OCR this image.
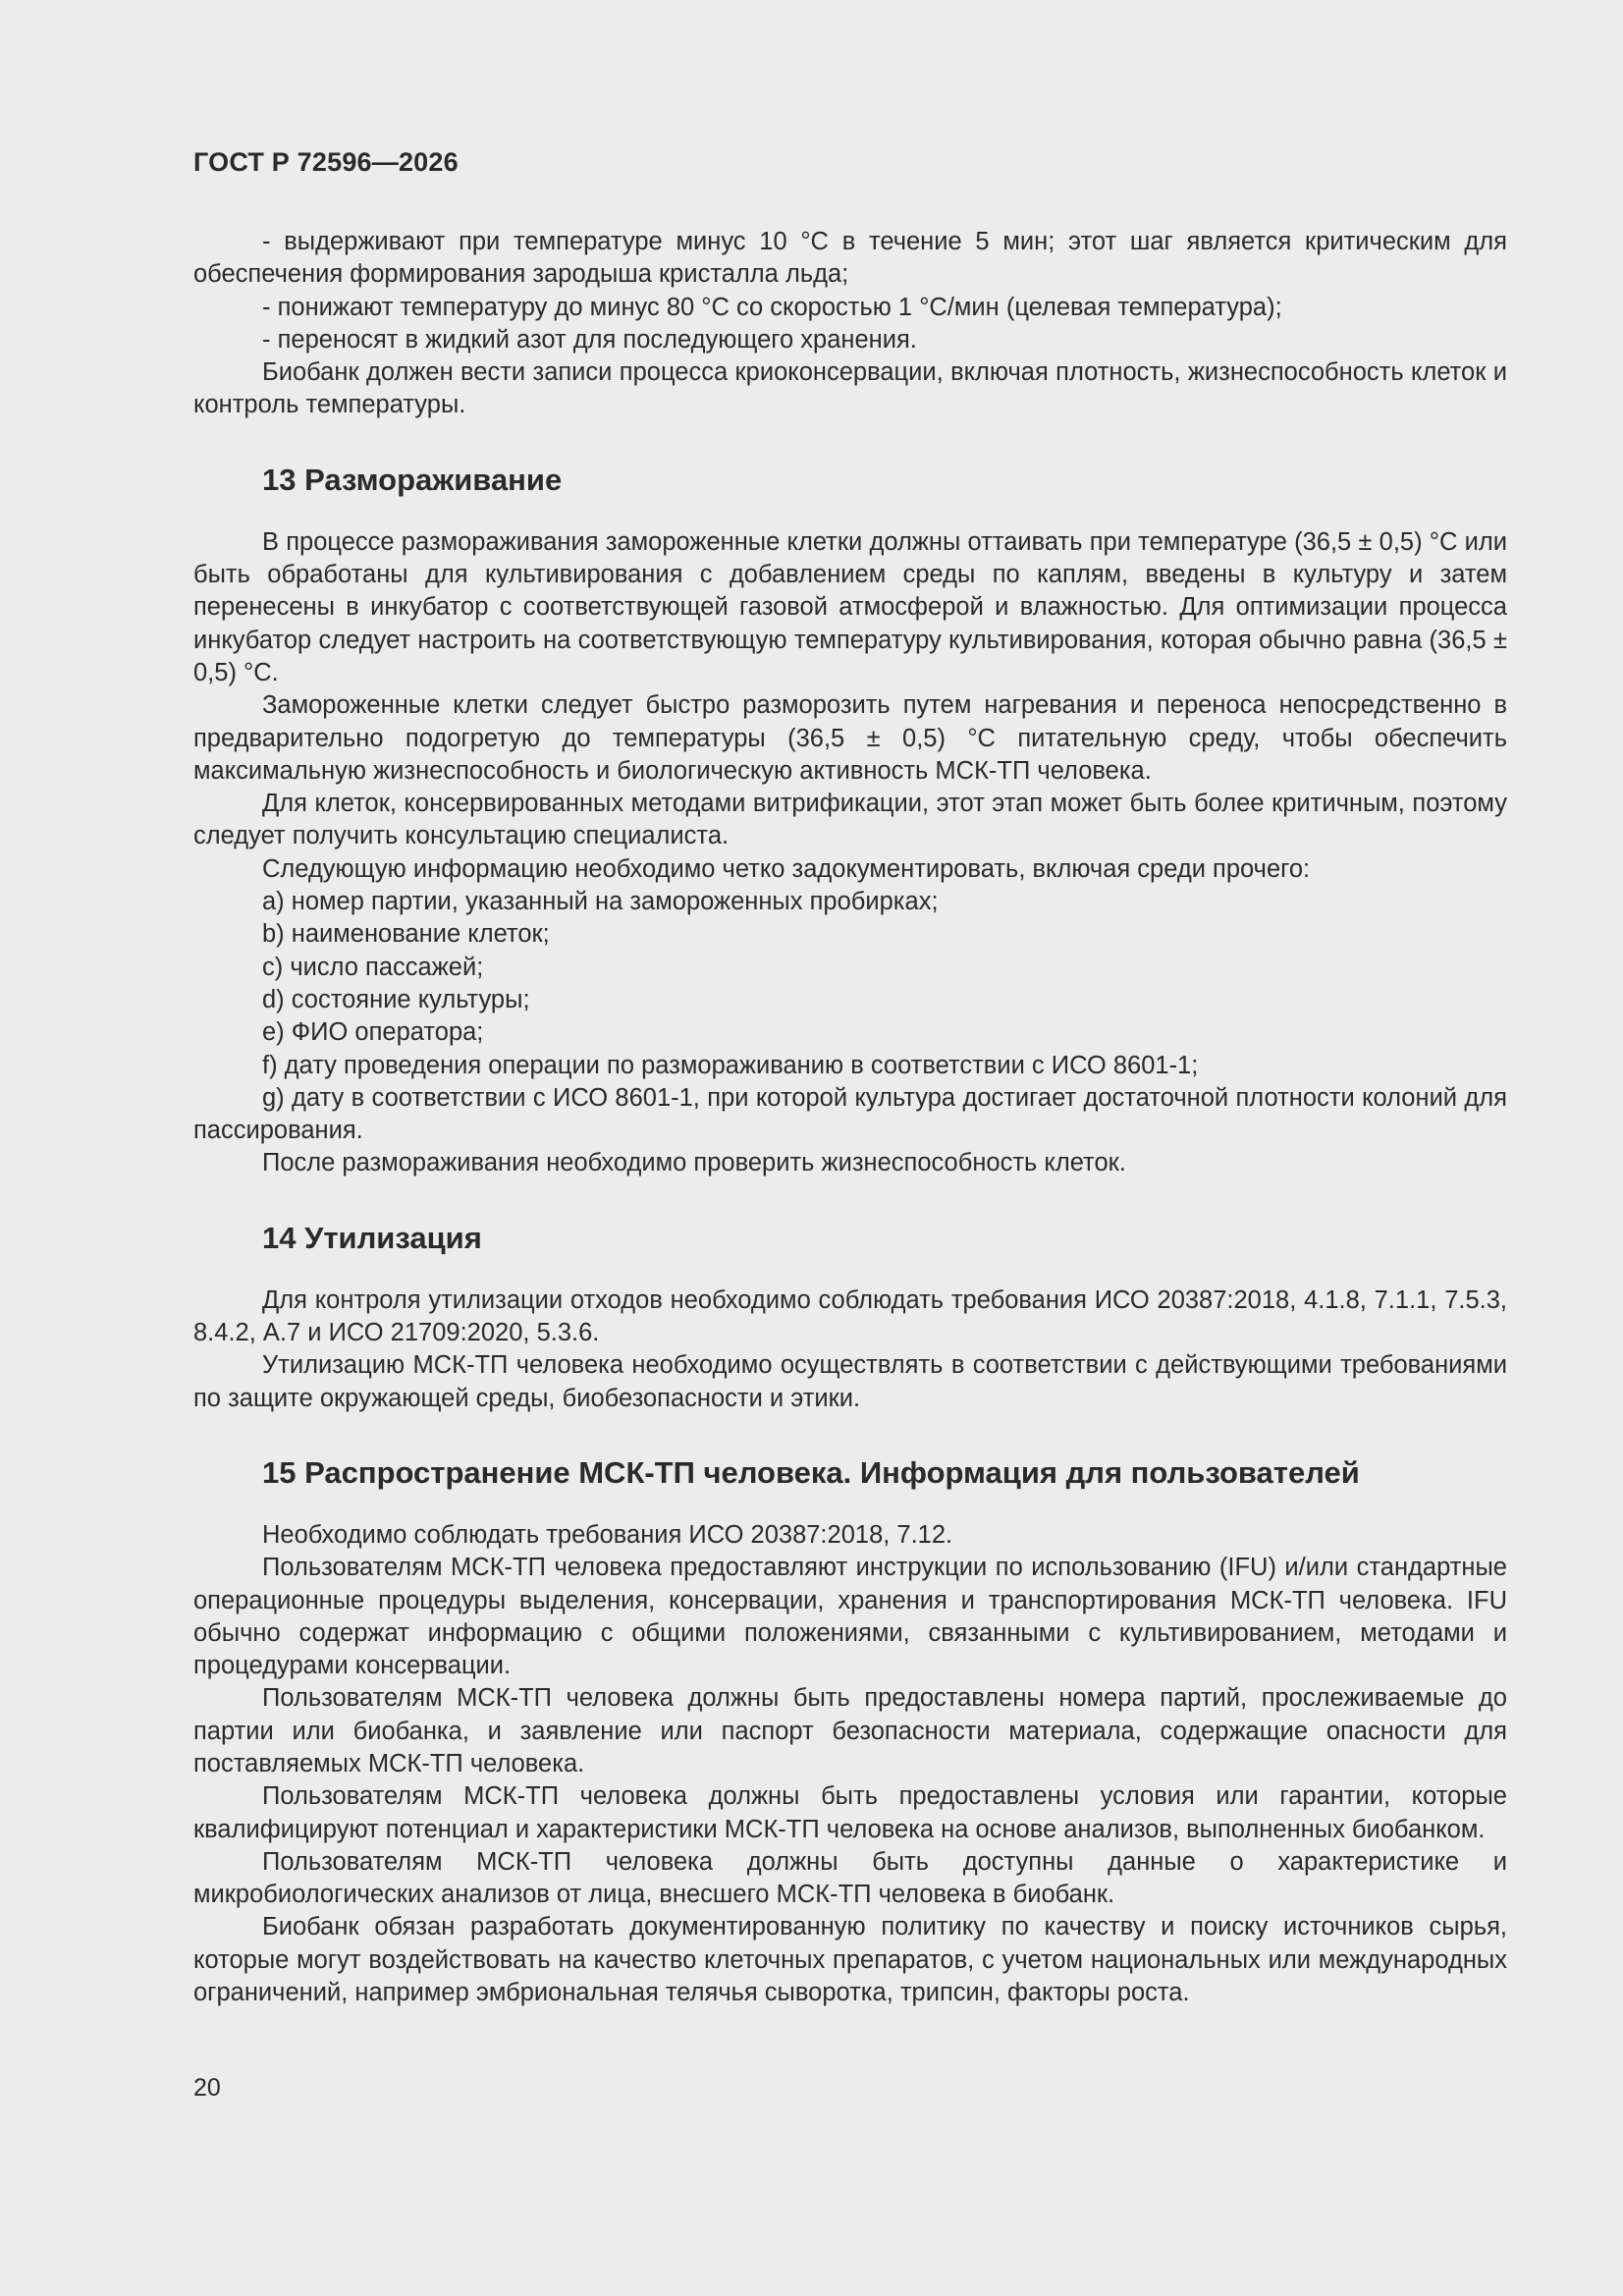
ГОСТ Р 72596—2026

- выдерживают при температуре минус 10 °С в течение 5 мин; этот шаг является критическим для обеспечения формирования зародыша кристалла льда;

- понижают температуру до минус 80 °С со скоростью 1 °С/мин (целевая температура);

- переносят в жидкий азот для последующего хранения.

Биобанк должен вести записи процесса криоконсервации, включая плотность, жизнеспособность клеток и контроль температуры.

13 Размораживание

В процессе размораживания замороженные клетки должны оттаивать при температуре (36,5 ± 0,5) °С или быть обработаны для культивирования с добавлением среды по каплям, введены в культуру и затем перенесены в инкубатор с соответствующей газовой атмосферой и влажностью. Для оптимизации процесса инкубатор следует настроить на соответствующую температуру культивирования, которая обычно равна (36,5 ± 0,5) °С.

Замороженные клетки следует быстро разморозить путем нагревания и переноса непосредственно в предварительно подогретую до температуры (36,5 ± 0,5) °С питательную среду, чтобы обеспечить максимальную жизнеспособность и биологическую активность МСК-ТП человека.

Для клеток, консервированных методами витрификации, этот этап может быть более критичным, поэтому следует получить консультацию специалиста.

Следующую информацию необходимо четко задокументировать, включая среди прочего:

a) номер партии, указанный на замороженных пробирках;

b) наименование клеток;

c) число пассажей;

d) состояние культуры;

e) ФИО оператора;

f) дату проведения операции по размораживанию в соответствии с ИСО 8601-1;

g) дату в соответствии с ИСО 8601-1, при которой культура достигает достаточной плотности колоний для пассирования.

После размораживания необходимо проверить жизнеспособность клеток.

14 Утилизация

Для контроля утилизации отходов необходимо соблюдать требования ИСО 20387:2018, 4.1.8, 7.1.1, 7.5.3, 8.4.2, А.7 и ИСО 21709:2020, 5.3.6.

Утилизацию МСК-ТП человека необходимо осуществлять в соответствии с действующими требованиями по защите окружающей среды, биобезопасности и этики.

15 Распространение МСК-ТП человека. Информация для пользователей

Необходимо соблюдать требования ИСО 20387:2018, 7.12.

Пользователям МСК-ТП человека предоставляют инструкции по использованию (IFU) и/или стандартные операционные процедуры выделения, консервации, хранения и транспортирования МСК-ТП человека. IFU обычно содержат информацию с общими положениями, связанными с культивированием, методами и процедурами консервации.

Пользователям МСК-ТП человека должны быть предоставлены номера партий, прослеживаемые до партии или биобанка, и заявление или паспорт безопасности материала, содержащие опасности для поставляемых МСК-ТП человека.

Пользователям МСК-ТП человека должны быть предоставлены условия или гарантии, которые квалифицируют потенциал и характеристики МСК-ТП человека на основе анализов, выполненных биобанком.

Пользователям МСК-ТП человека должны быть доступны данные о характеристике и микробиологических анализов от лица, внесшего МСК-ТП человека в биобанк.

Биобанк обязан разработать документированную политику по качеству и поиску источников сырья, которые могут воздействовать на качество клеточных препаратов, с учетом национальных или международных ограничений, например эмбриональная телячья сыворотка, трипсин, факторы роста.

20
